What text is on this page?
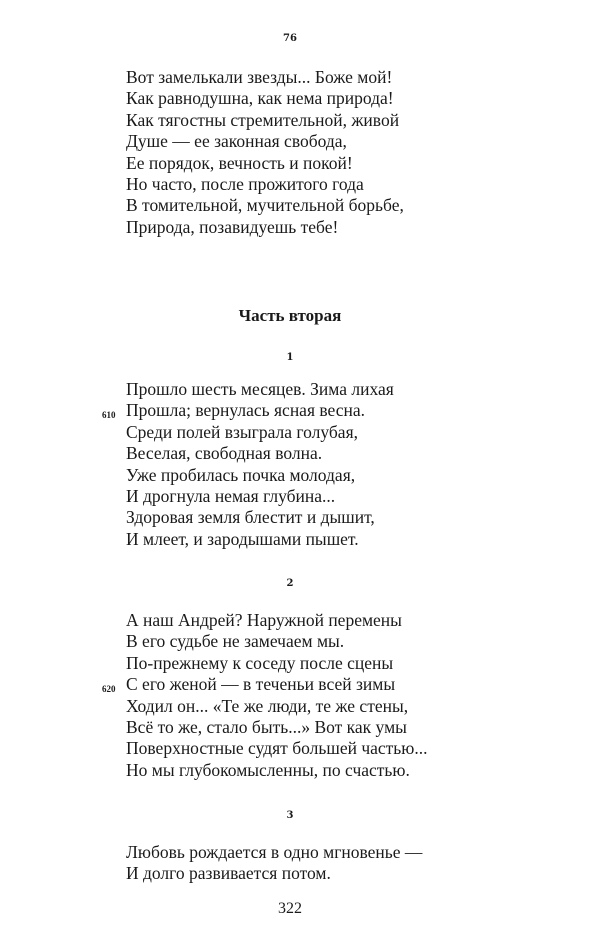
76
Вот замелькали звезды... Боже мой!
Как равнодушна, как нема природа!
Как тягостны стремительной, живой
Душе — ее законная свобода,
Ее порядок, вечность и покой!
Но часто, после прожитого года
В томительной, мучительной борьбе,
Природа, позавидуешь тебе!
Часть вторая
1
Прошло шесть месяцев. Зима лихая
610 Прошла; вернулась ясная весна.
Среди полей взыграла голубая,
Веселая, свободная волна.
Уже пробилась почка молодая,
И дрогнула немая глубина...
Здоровая земля блестит и дышит,
И млеет, и зародышами пышет.
2
А наш Андрей? Наружной перемены
В его судьбе не замечаем мы.
По-прежнему к соседу после сцены
620 С его женой — в теченьи всей зимы
Ходил он... «Те же люди, те же стены,
Всё то же, стало быть...» Вот как умы
Поверхностные судят большей частью...
Но мы глубокомысленны, по счастью.
3
Любовь рождается в одно мгновенье —
И долго развивается потом.
322
